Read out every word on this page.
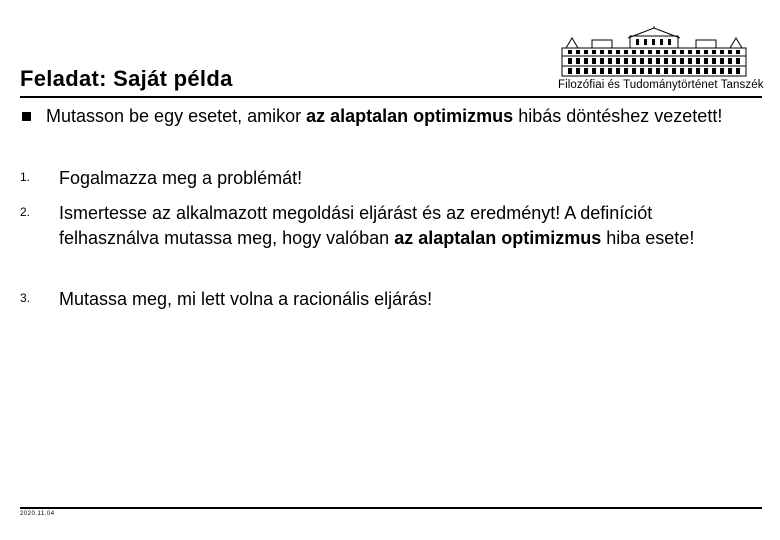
Feladat: Saját példa	Filozófiai és Tudománytörténet Tanszék
Mutasson be egy esetet, amikor az alaptalan optimizmus hibás döntéshez vezetett!
1. Fogalmazza meg a problémát!
2. Ismertesse az alkalmazott megoldási eljárást és az eredményt! A definíciót felhasználva mutassa meg, hogy valóban az alaptalan optimizmus hiba esete!
3. Mutassa meg, mi lett volna a racionális eljárás!
2020.11.04
